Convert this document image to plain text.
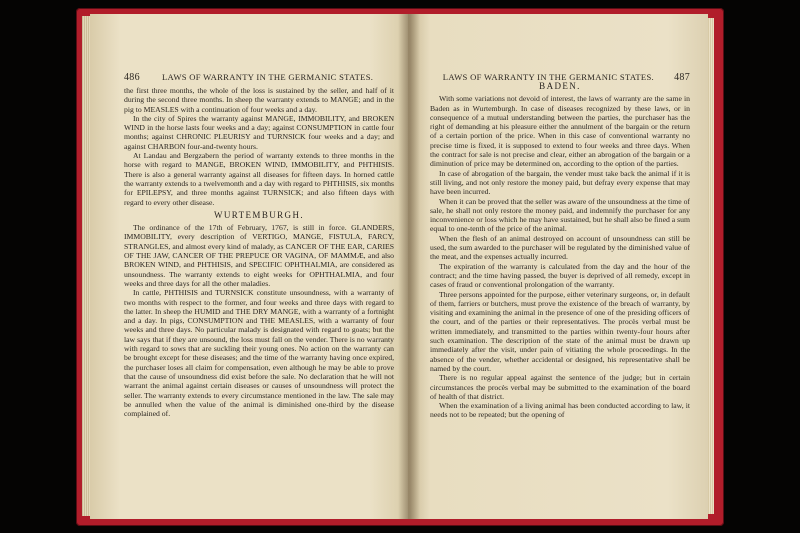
486	LAWS OF WARRANTY IN THE GERMANIC STATES.

the first three months, the whole of the loss is sustained by the seller, and half of it during the second three months. In sheep the warranty extends to MANGE; and in the pig to MEASLES with a continuation of four weeks and a day.

In the city of Spires the warranty against MANGE, IMMOBILITY, and BROKEN WIND in the horse lasts four weeks and a day; against CONSUMPTION in cattle four months; against CHRONIC PLEURISY and TURNSICK four weeks and a day; and against CHARBON four-and-twenty hours.

At Landau and Bergzabern the period of warranty extends to three months in the horse with regard to MANGE, BROKEN WIND, IMMOBILITY, and PHTHISIS. There is also a general warranty against all diseases for fifteen days. In horned cattle the warranty extends to a twelvemonth and a day with regard to PHTHISIS, six months for EPILEPSY, and three months against TURNSICK; and also fifteen days with regard to every other disease.

WURTEMBURGH.

The ordinance of the 17th of February, 1767, is still in force. GLANDERS, IMMOBILITY, every description of VERTIGO, MANGE, FISTULA, FARCY, STRANGLES, and almost every kind of malady, as CANCER OF THE EAR, CARIES OF THE JAW, CANCER OF THE PREPUCE OR VAGINA, OF MAMMÆ, and also BROKEN WIND, and PHTHISIS, and SPECIFIC OPHTHALMIA, are considered as unsoundness. The warranty extends to eight weeks for OPHTHALMIA, and four weeks and three days for all the other maladies.

In cattle, PHTHISIS and TURNSICK constitute unsoundness, with a warranty of two months with respect to the former, and four weeks and three days with regard to the latter. In sheep the HUMID and THE DRY MANGE, with a warranty of a fortnight and a day. In pigs, CONSUMPTION and THE MEASLES, with a warranty of four weeks and three days. No particular malady is designated with regard to goats; but the law says that if they are unsound, the loss must fall on the vender. There is no warranty with regard to sows that are suckling their young ones. No action on the warranty can be brought except for these diseases; and the time of the warranty having once expired, the purchaser loses all claim for compensation, even although he may be able to prove that the cause of unsoundness did exist before the sale. No declaration that he will not warrant the animal against certain diseases or causes of unsoundness will protect the seller. The warranty extends to every circumstance mentioned in the law. The sale may be annulled when the value of the animal is diminished one-third by the disease complained of.

LAWS OF WARRANTY IN THE GERMANIC STATES. 487
BADEN.

With some variations not devoid of interest, the laws of warranty are the same in Baden as in Wurtemburgh. In case of diseases recognized by these laws, or in consequence of a mutual understanding between the parties, the purchaser has the right of demanding at his pleasure either the annulment of the bargain or the return of a certain portion of the price. When in this case of conventional warranty no precise time is fixed, it is supposed to extend to four weeks and three days. When the contract for sale is not precise and clear, either an abrogation of the bargain or a diminution of price may be determined on, according to the option of the parties.

In case of abrogation of the bargain, the vender must take back the animal if it is still living, and not only restore the money paid, but defray every expense that may have been incurred.

When it can be proved that the seller was aware of the unsoundness at the time of sale, he shall not only restore the money paid, and indemnify the purchaser for any inconvenience or loss which he may have sustained, but he shall also be fined a sum equal to one-tenth of the price of the animal.

When the flesh of an animal destroyed on account of unsoundness can still be used, the sum awarded to the purchaser will be regulated by the diminished value of the meat, and the expenses actually incurred.

The expiration of the warranty is calculated from the day and the hour of the contract; and the time having passed, the buyer is deprived of all remedy, except in cases of fraud or conventional prolongation of the warranty.

Three persons appointed for the purpose, either veterinary surgeons, or, in default of them, farriers or butchers, must prove the existence of the breach of warranty, by visiting and examining the animal in the presence of one of the presiding officers of the court, and of the parties or their representatives. The procès verbal must be written immediately, and transmitted to the parties within twenty-four hours after such examination. The description of the state of the animal must be drawn up immediately after the visit, under pain of vitiating the whole proceedings. In the absence of the vender, whether accidental or designed, his representative shall be named by the court.

There is no regular appeal against the sentence of the judge; but in certain circumstances the procès verbal may be submitted to the examination of the board of health of that district.

When the examination of a living animal has been conducted according to law, it needs not to be repeated; but the opening of
